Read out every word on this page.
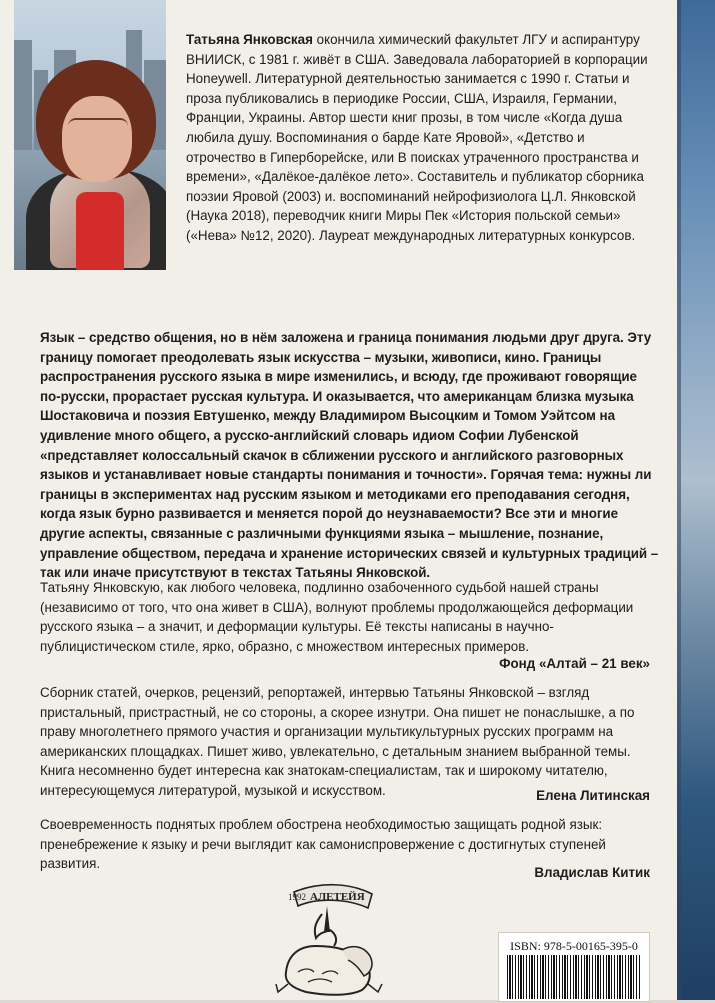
Татьяна Янковская окончила химический факультет ЛГУ и аспирантуру ВНИИСК, с 1981 г. живёт в США. Заведовала лабораторией в корпорации Honeywell. Литературной деятельностью занимается с 1990 г. Статьи и проза публиковались в периодике России, США, Израиля, Германии, Франции, Украины. Автор шести книг прозы, в том числе «Когда душа любила душу. Воспоминания о барде Кате Яровой», «Детство и отрочество в Гиперборейске, или В поисках утраченного пространства и времени», «Далёкое-далёкое лето». Составитель и публикатор сборника поэзии Яровой (2003) и. воспоминаний нейрофизиолога Ц.Л. Янковской (Наука 2018), переводчик книги Миры Пек «История польской семьи» («Нева» №12, 2020). Лауреат международных литературных конкурсов.
Язык – средство общения, но в нём заложена и граница понимания людьми друг друга. Эту границу помогает преодолевать язык искусства – музыки, живописи, кино. Границы распространения русского языка в мире изменились, и всюду, где проживают говорящие по-русски, прорастает русская культура. И оказывается, что американцам близка музыка Шостаковича и поэзия Евтушенко, между Владимиром Высоцким и Томом Уэйтсом на удивление много общего, а русско-английский словарь идиом Софии Лубенской «представляет колоссальный скачок в сближении русского и английского разговорных языков и устанавливает новые стандарты понимания и точности». Горячая тема: нужны ли границы в экспериментах над русским языком и методиками его преподавания сегодня, когда язык бурно развивается и меняется порой до неузнаваемости? Все эти и многие другие аспекты, связанные с различными функциями языка – мышление, познание, управление обществом, передача и хранение исторических связей и культурных традиций – так или иначе присутствуют в текстах Татьяны Янковской.
Татьяну Янковскую, как любого человека, подлинно озабоченного судьбой нашей страны (независимо от того, что она живет в США), волнуют проблемы продолжающейся деформации русского языка – а значит, и деформации культуры. Её тексты написаны в научно-публицистическом стиле, ярко, образно, с множеством интересных примеров.
Фонд «Алтай – 21 век»
Сборник статей, очерков, рецензий, репортажей, интервью Татьяны Янковской – взгляд пристальный, пристрастный, не со стороны, а скорее изнутри. Она пишет не понаслышке, а по праву многолетнего прямого участия и организации мультикультурных русских программ на американских площадках. Пишет живо, увлекательно, с детальным знанием выбранной темы. Книга несомненно будет интересна как знатокам-специалистам, так и широкому читателю, интересующемуся литературой, музыкой и искусством.	Елена Литинская
Своевременность поднятых проблем обострена необходимостью защищать родной язык: пренебрежение к языку и речи выглядит как самониспровержение с достигнутых ступеней развития.
Владислав Китик
1992 АЛЕТЕЙЯ
ISBN: 978-5-00165-395-0
